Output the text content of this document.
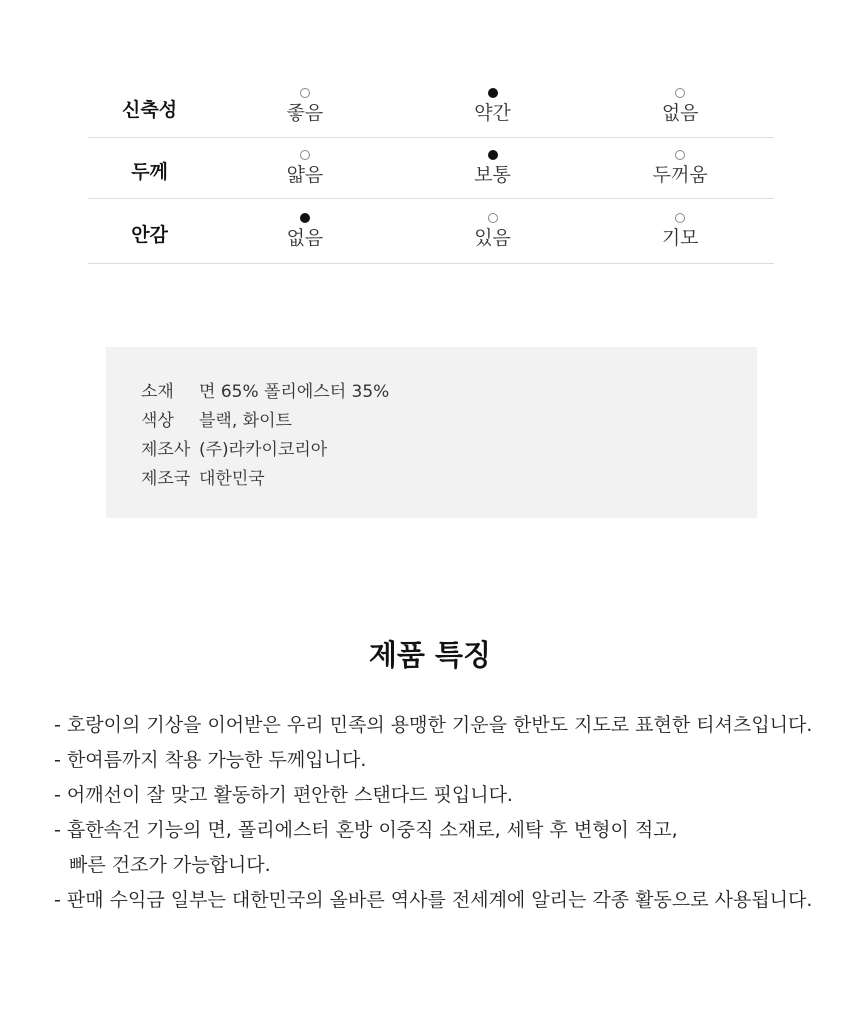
신축성	좋음	약간	없음
두께	얇음	보통	두꺼움
안감	없음	있음	기모
소재	면 65% 폴리에스터 35%
색상	블랙, 화이트
제조사 (주)라카이코리아
제조국 대한민국
제품 특징
- 호랑이의 기상을 이어받은 우리 민족의 용맹한 기운을 한반도 지도로 표현한 티셔츠입니다.
- 한여름까지 착용 가능한 두께입니다.
- 어깨선이 잘 맞고 활동하기 편안한 스탠다드 핏입니다.
- 흡한속건 기능의 면, 폴리에스터 혼방 이중직 소재로, 세탁 후 변형이 적고,
빠른 건조가 가능합니다.
- 판매 수익금 일부는 대한민국의 올바른 역사를 전세계에 알리는 각종 활동으로 사용됩니다.
